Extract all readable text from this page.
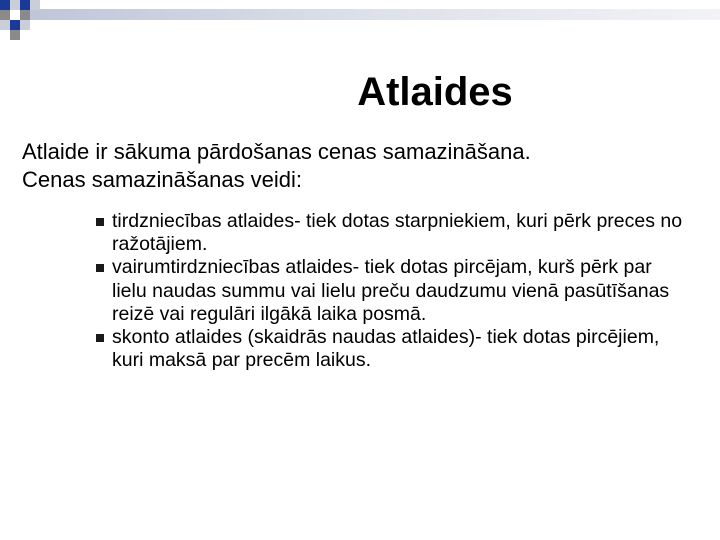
Atlaides
Atlaide ir sākuma pārdošanas cenas samazināšana.
Cenas samazināšanas veidi:
tirdzniecības atlaides- tiek dotas starpniekiem, kuri pērk preces no ražotājiem.
vairumtirdzniecības atlaides- tiek dotas pircējam, kurš pērk par lielu naudas summu vai lielu preču daudzumu vienā pasūtīšanas reizē vai regulāri ilgākā laika posmā.
skonto atlaides (skaidrās naudas atlaides)- tiek dotas pircējiem, kuri maksā par precēm laikus.
